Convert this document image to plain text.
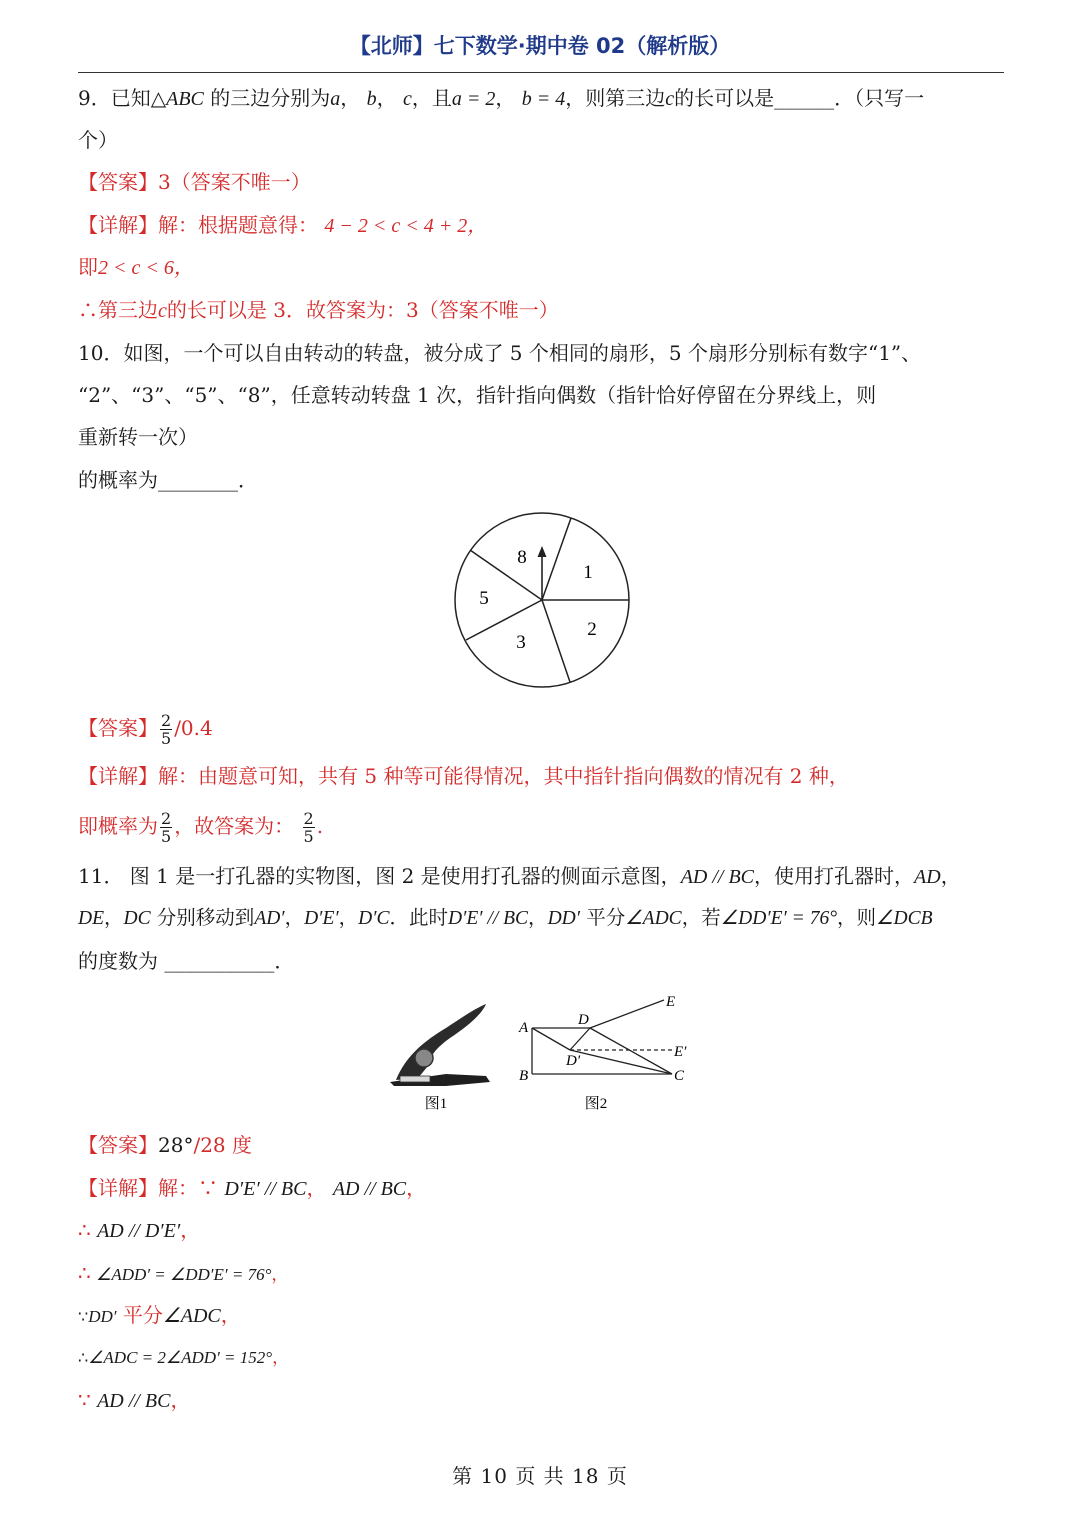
【北师】七下数学·期中卷 02（解析版）
9．已知△ABC 的三边分别为a， b， c，且a = 2， b = 4，则第三边c的长可以是______．（只写一
个）
【答案】3（答案不唯一）
【详解】解：根据题意得： 4 − 2 < c < 4 + 2，
即2 < c < 6，
∴第三边c的长可以是 3．故答案为：3（答案不唯一）
10．如图，一个可以自由转动的转盘，被分成了 5 个相同的扇形，5 个扇形分别标有数字“1”、
“2”、“3”、“5”、“8”，任意转动转盘 1 次，指针指向偶数（指针恰好停留在分界线上，则
重新转一次）
的概率为________．
8
1
2
3
5
【答案】 $\frac{2}{5} /0.4$
【详解】解：由题意可知，共有 5 种等可能得情况，其中指针指向偶数的情况有 2 种，
即概率为 $\frac{2}{5}$ ，故答案为： $\frac{2}{5}$ .
11． 图 1 是一打孔器的实物图，图 2 是使用打孔器的侧面示意图，AD // BC，使用打孔器时，AD，
DE，DC 分别移动到AD′，D′E′，D′C．此时D′E′ // BC，DD′ 平分∠ADC，若∠DD′E′ = 76°，则∠DCB
的度数为 ___________．
图1
A
B
D
D′
E
E′
C
图2
【答案】28°/28 度
【详解】解：∵ D′E′ // BC， AD // BC，
∴ AD // D′E′，
∴ ∠ADD′ = ∠DD′E′ = 76°，
∵DD′ 平分∠ADC，
∴∠ADC = 2∠ADD′ = 152°，
∵ AD // BC，
第 10 页 共 18 页
